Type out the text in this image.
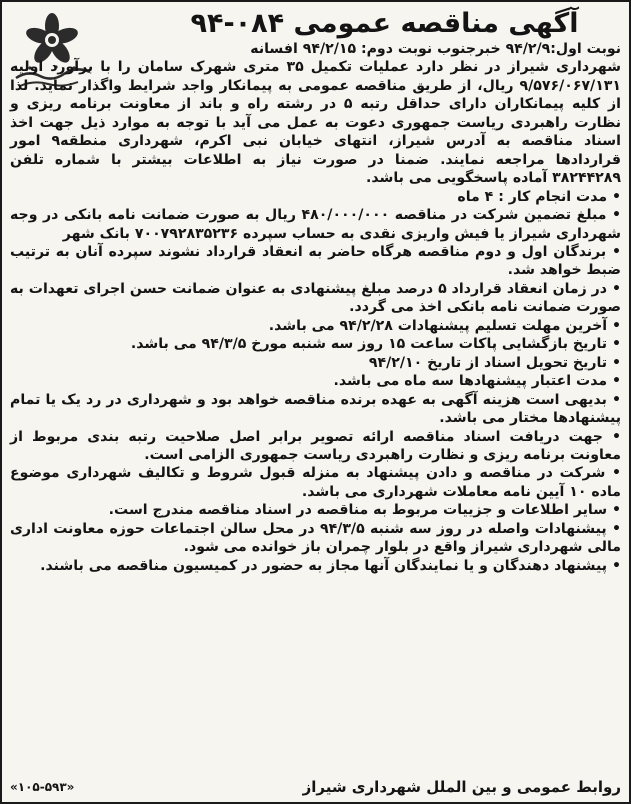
آگهی مناقصه عمومی ۰۸۴-۹۴

نوبت اول:۹۴/۲/۹ خبرجنوب نوبت دوم: ۹۴/۲/۱۵ افسانه

شهرداری شیراز در نظر دارد عملیات تکمیل ۳۵ متری شهرک سامان را با برآورد اولیه ۹/۵۷۶/۰۶۷/۱۳۱ ریال، از طریق مناقصه عمومی به پیمانکار واجد شرایط واگذار نماید. لذا از کلیه پیمانکاران دارای حداقل رتبه ۵ در رشته راه و باند از معاونت برنامه ریزی و نظارت راهبردی ریاست جمهوری دعوت به عمل می آید با توجه به موارد ذیل جهت اخذ اسناد مناقصه به آدرس شیراز، انتهای خیابان نبی اکرم، شهرداری منطقه۹ امور قراردادها مراجعه نمایند. ضمنا در صورت نیاز به اطلاعات بیشتر با شماره تلفن ۳۸۲۴۴۲۸۹ آماده پاسخگویی می باشد.

• مدت انجام کار : ۴ ماه

• مبلغ تضمین شرکت در مناقصه ۴۸۰/۰۰۰/۰۰۰ ریال به صورت ضمانت نامه بانکی در وجه شهرداری شیراز یا فیش واریزی نقدی به حساب سپرده ۷۰۰۷۹۲۸۳۵۲۳۶ بانک شهر

• برندگان اول و دوم مناقصه هرگاه حاضر به انعقاد قرارداد نشوند سپرده آنان به ترتیب ضبط خواهد شد.

• در زمان انعقاد قرارداد ۵ درصد مبلغ پیشنهادی به عنوان ضمانت حسن اجرای تعهدات به صورت ضمانت نامه بانکی اخذ می گردد.

• آخرین مهلت تسلیم پیشنهادات ۹۴/۲/۲۸ می باشد.

• تاریخ بازگشایی پاکات ساعت ۱۵ روز سه شنبه مورخ ۹۴/۳/۵ می باشد.

• تاریخ تحویل اسناد از تاریخ ۹۴/۲/۱۰

• مدت اعتبار پیشنهادها سه ماه می باشد.

• بدیهی است هزینه آگهی به عهده برنده مناقصه خواهد بود و شهرداری در رد یک یا تمام پیشنهادها مختار می باشد.

• جهت دریافت اسناد مناقصه ارائه تصویر برابر اصل صلاحیت رتبه بندی مربوط از معاونت برنامه ریزی و نظارت راهبردی ریاست جمهوری الزامی است.

• شرکت در مناقصه و دادن پیشنهاد به منزله قبول شروط و تکالیف شهرداری موضوع ماده ۱۰ آیین نامه معاملات شهرداری می باشد.

• سایر اطلاعات و جزییات مربوط به مناقصه در اسناد مناقصه مندرج است.

• پیشنهادات واصله در روز سه شنبه ۹۴/۳/۵ در محل سالن اجتماعات حوزه معاونت اداری مالی شهرداری شیراز واقع در بلوار چمران باز خوانده می شود.

• پیشنهاد دهندگان و یا نمایندگان آنها مجاز به حضور در کمیسیون مناقصه می باشند.

روابط عمومی و بین الملل شهرداری شیراز
«۱۰۵-۵۹۳»
